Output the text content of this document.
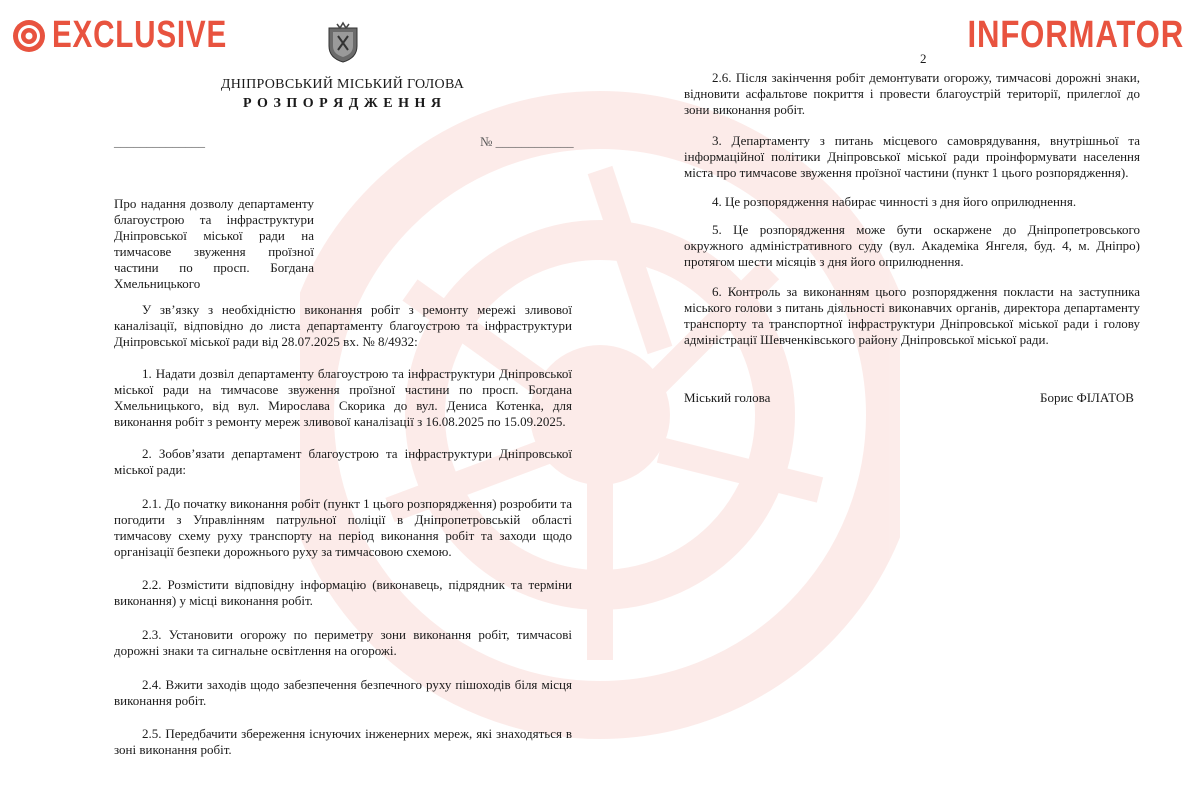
EXCLUSIVE	INFORMATOR
ДНІПРОВСЬКИЙ МІСЬКИЙ ГОЛОВА
Р О З П О Р Я Д Ж Е Н Н Я
______________	№ ____________
Про надання дозволу департаменту благоустрою та інфраструктури Дніпровської міської ради на тимчасове звуження проїзної частини по просп. Богдана Хмельницького

У зв’язку з необхідністю виконання робіт з ремонту мережі зливової каналізації, відповідно до листа департаменту благоустрою та інфраструктури Дніпровської міської ради від 28.07.2025 вх. № 8/4932:

1. Надати дозвіл департаменту благоустрою та інфраструктури Дніпровської міської ради на тимчасове звуження проїзної частини по просп. Богдана Хмельницького, від вул. Мирослава Скорика до вул. Дениса Котенка, для виконання робіт з ремонту мереж зливової каналізації з 16.08.2025 по 15.09.2025.

2. Зобов’язати департамент благоустрою та інфраструктури Дніпровської міської ради:

2.1. До початку виконання робіт (пункт 1 цього розпорядження) розробити та погодити з Управлінням патрульної поліції в Дніпропетровській області тимчасову схему руху транспорту на період виконання робіт та заходи щодо організації безпеки дорожнього руху за тимчасовою схемою.

2.2. Розмістити відповідну інформацію (виконавець, підрядник та терміни виконання) у місці виконання робіт.

2.3. Установити огорожу по периметру зони виконання робіт, тимчасові дорожні знаки та сигнальне освітлення на огорожі.

2.4. Вжити заходів щодо забезпечення безпечного руху пішоходів біля місця виконання робіт.

2.5. Передбачити збереження існуючих інженерних мереж, які знаходяться в зоні виконання робіт.

2

2.6. Після закінчення робіт демонтувати огорожу, тимчасові дорожні знаки, відновити асфальтове покриття і провести благоустрій території, прилеглої до зони виконання робіт.

3. Департаменту з питань місцевого самоврядування, внутрішньої та інформаційної політики Дніпровської міської ради проінформувати населення міста про тимчасове звуження проїзної частини (пункт 1 цього розпорядження).

4. Це розпорядження набирає чинності з дня його оприлюднення.

5. Це розпорядження може бути оскаржене до Дніпропетровського окружного адміністративного суду (вул. Академіка Янгеля, буд. 4, м. Дніпро) протягом шести місяців з дня його оприлюднення.

6. Контроль за виконанням цього розпорядження покласти на заступника міського голови з питань діяльності виконавчих органів, директора департаменту транспорту та транспортної інфраструктури Дніпровської міської ради і голову адміністрації Шевченківського району Дніпровської міської ради.

Міський голова	Борис ФІЛАТОВ
